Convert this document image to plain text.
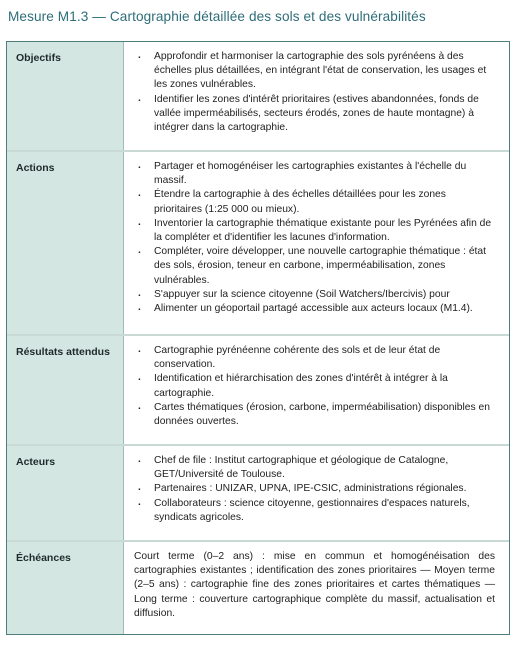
Mesure M1.3 — Cartographie détaillée des sols et des vulnérabilités
Objectifs	. Approfondir et harmoniser la cartographie des sols pyrénéens à des échelles plus détaillées, en intégrant l'état de conservation, les usages et les zones vulnérables.
. Identifier les zones d'intérêt prioritaires (estives abandonnées, fonds de vallée imperméabilisés, secteurs érodés, zones de haute montagne) à intégrer dans la cartographie.
Actions	. Partager et homogénéiser les cartographies existantes à l'échelle du massif.
. Étendre la cartographie à des échelles détaillées pour les zones prioritaires (1:25 000 ou mieux).
. Inventorier la cartographie thématique existante pour les Pyrénées afin de la compléter et d'identifier les lacunes d'information.
. Compléter, voire développer, une nouvelle cartographie thématique : état des sols, érosion, teneur en carbone, imperméabilisation, zones vulnérables.
. S'appuyer sur la science citoyenne (Soil Watchers/Ibercivis) pour
. Alimenter un géoportail partagé accessible aux acteurs locaux (M1.4).
Résultats attendus	. Cartographie pyrénéenne cohérente des sols et de leur état de conservation.
. Identification et hiérarchisation des zones d'intérêt à intégrer à la cartographie.
. Cartes thématiques (érosion, carbone, imperméabilisation) disponibles en données ouvertes.
Acteurs	. Chef de file : Institut cartographique et géologique de Catalogne, GET/Université de Toulouse.
. Partenaires : UNIZAR, UPNA, IPE-CSIC, administrations régionales.
. Collaborateurs : science citoyenne, gestionnaires d'espaces naturels, syndicats agricoles.
Échéances	Court terme (0–2 ans) : mise en commun et homogénéisation des cartographies existantes ; identification des zones prioritaires — Moyen terme (2–5 ans) : cartographie fine des zones prioritaires et cartes thématiques — Long terme : couverture cartographique complète du massif, actualisation et diffusion.
